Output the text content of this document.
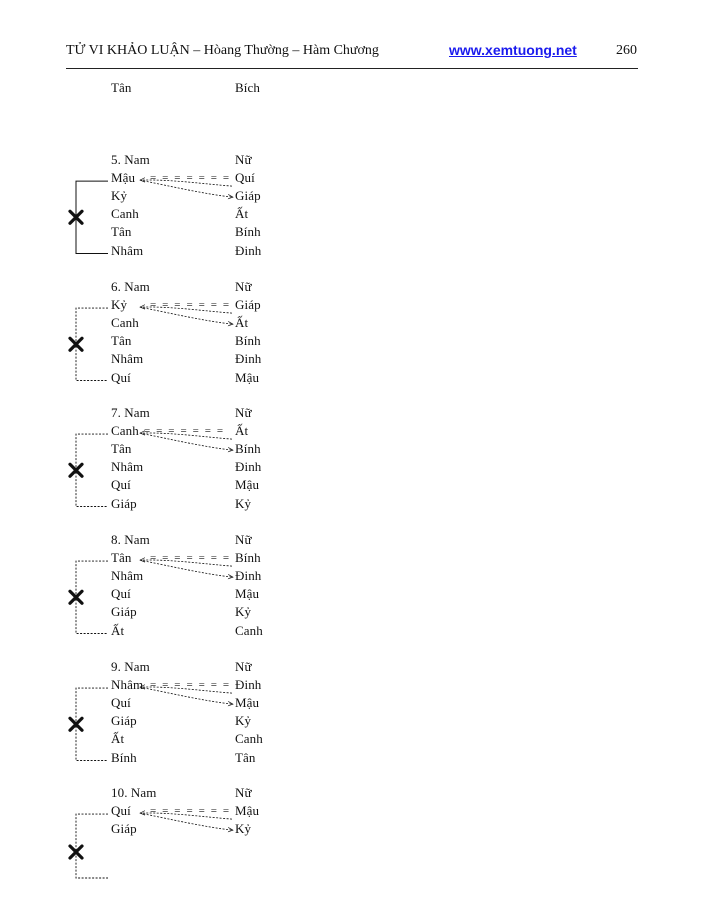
TỬ VI KHẢO LUẬN – Hòang Thường – Hàm Chương	www.xemtuong.net	260
Tân	Bích
5. Nam	Nữ
Mậu	Quí
Kỷ	Giáp
Canh	Ất
Tân	Bính
Nhâm	Đinh
= = = = = = =
6. Nam	Nữ
Kỷ	Giáp
Canh	Ất
Tân	Bính
Nhâm	Đinh
Quí	Mậu
= = = = = = =
7. Nam	Nữ
Canh	Ất
Tân	Bính
Nhâm	Đinh
Quí	Mậu
Giáp	Kỷ
= = = = = = =
8. Nam	Nữ
Tân	Bính
Nhâm	Đinh
Quí	Mậu
Giáp	Kỷ
Ất	Canh
= = = = = = =
9. Nam	Nữ
Nhâm	Đinh
Quí	Mậu
Giáp	Kỷ
Ất	Canh
Bính	Tân
= = = = = = =
10. Nam	Nữ
Quí	Mậu
Giáp	Kỷ
= = = = = = =
